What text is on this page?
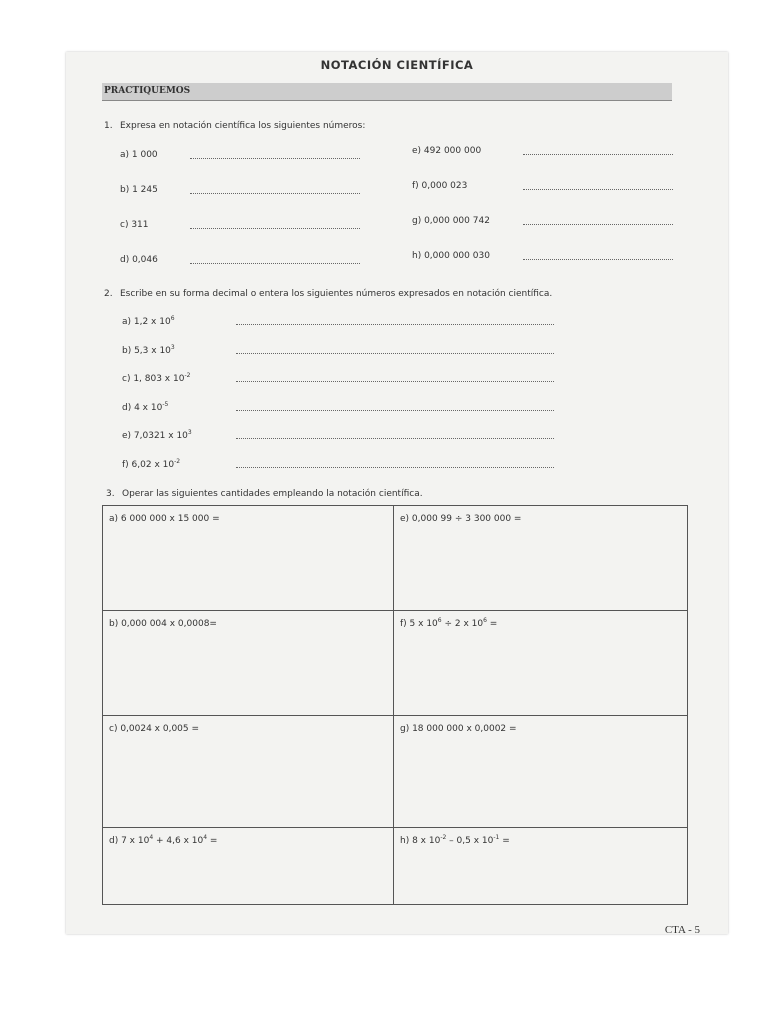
NOTACIÓN CIENTÍFICA
PRACTIQUEMOS
1. Expresa en notación científica los siguientes números:
2. Escribe en su forma decimal o entera los siguientes números expresados en notación científica.
3. Operar las siguientes cantidades empleando la notación científica.
a) 6 000 000 x 15 000 =	e) 0,000 99 ÷ 3 300 000 =
b) 0,000 004 x 0,0008=	f) 5 x $10^6 \div 2$ x $10^6$ =
c) 0,0024 x 0,005 =	g) 18 000 000 x 0,0002 =
d) 7 x $10^4 + 4,6$ x $10^4$ =	h) 8 x $10^{-2} - 0,5$ x $10^{-1}$ =
CTA - 5
a) 1 000
b) 1 245
c) 311
d) 0,046
e) 492 000 000
f) 0,000 023
g) 0,000 000 742
h) 0,000 000 030
a) 1,2 x $10^6$
b) 5,3 x $10^3$
c) 1, 803 x $10^{-2}$
d) 4 x $10^{-5}$
e) 7,0321 x $10^3$
f) 6,02 x $10^{-2}$
